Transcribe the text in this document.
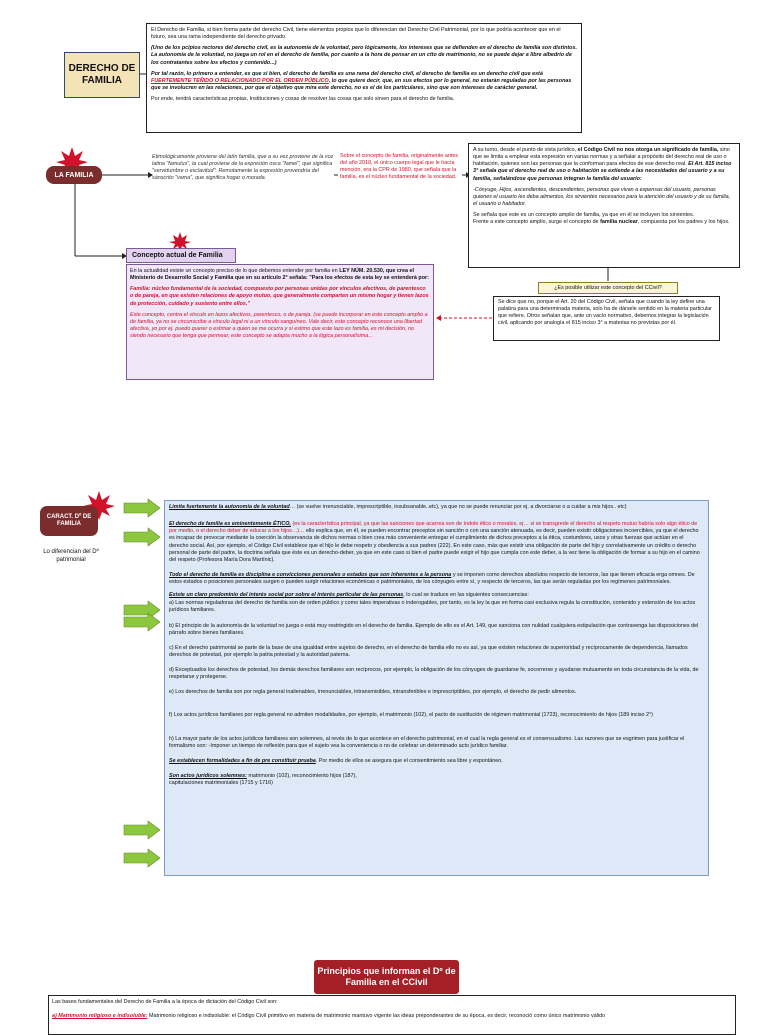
DERECHO DE FAMILIA

El Derecho de Familia, si bien forma parte del derecho Civil, tiene elementos propios que lo diferencian del Derecho Civil Patrimonial, por lo que podría acontecer que en el futuro, sea una rama independiente del derecho privado.

(Uno de los pcipios rectores del derecho civil, es la autonomía de la voluntad, pero lógicamente, los intereses que se defienden en el derecho de familia son distintos. La autonomía de la voluntad, no juega un rol en el derecho de familia, por cuanto a la hora de pensar en un ctto de matrimonio, no se puede dejar a libre albedrío de los contratantes sobre los efectos y contenido...)

Por tal razón, lo primero a entender, es que si bien, el derecho de familia es una rama del derecho civil, el derecho de familia es un derecho civil que está FUERTEMENTE TEÑIDO O RELACIONADO POR EL ORDEN PÚBLICO, lo que quiere decir, que, en sus efectos por lo general, no estarán reguladas por las personas que se involucren en las relaciones, por que el objetivo que mira este derecho, no es el de los particulares, sino que son intereses de carácter general.

Por ende, tendrá características propias, Instituciones y cosas de resolver las cosas que solo sirven para el derecho de familia.

LA FAMILIA
Etimológicamente proviene del latín familia, que a su vez proviene de la voz latina "famulus", la cual proviene de la expresión osca "famel", que significa "servidumbre o esclavitud". Remotamente la expresión provendría del sánscrito "vama", que significa hogar o morada.
Sobre el concepto de familia, originalmente antes del año 2018, el único cuerpo legal que le hacía mención, era la CPR de 1980, que señala que la familia, es el núcleo fundamental de la sociedad.

A su turno, desde el punto de vista jurídico, el Código Civil no nos otorga un significado de familia, sino que se limita a emplear esta expresión en varias normas y a señalar a propósito del derecho real de uso o habitación, quienes son las personas que la conforman para efectos de ese derecho real. El Art. 815 inciso 3° señala que el derecho real de uso o habitación se extiende a las necesidades del usuario y a su familia, señalándose que personas integran la familia del usuario:

-Cónyuge, Hijos, ascendientes, descendientes, personas que vivan a expensas del usuario, personas quienes el usuario les deba alimentos, los sirvientes necesarios para la atención del usuario y de su familia, el usuario o habitador.

Se señala que este es un concepto amplio de familia, ya que en él se incluyen los sirvientes.
Frente a este concepto amplio, surge el concepto de familia nuclear, compuesta por los padres y los hijos.

¿Es posible utilizar este concepto del CCivil?
Se dice que no, porque el Art. 20 del Código Civil, señala que cuando la ley define una palabra para una determinada materia, solo ha de dársele sentido en la materia particular que refiere. Otros señalan que, ante un vacío normativo, debemos integrar la legislación civil, aplicando por analogía el 815 inciso 3° a materias no previstas por él.
Concepto actual de Familia

En la actualidad existe un concepto preciso de lo que debemos entender por familia en LEY NÚM. 20.530, que crea el Ministerio de Desarrollo Social y Familia que en su artículo 2° señala: "Para los efectos de esta ley se entenderá por:

Familia: núcleo fundamental de la sociedad, compuesto por personas unidas por vínculos afectivos, de parentesco o de pareja, en que existen relaciones de apoyo mutuo, que generalmente comparten un mismo hogar y tienen lazos de protección, cuidado y sustento entre ellos."

Este concepto, centra el vínculo en lazos afectivos, parentesco, o de pareja. (se puede incorporar en este concepto amplio a de familia, ya no se circunscribe a vínculo legal ni a un vínculo sanguíneo. Vale decir, este concepto reconoce una libertad afectiva, yo por ej. puedo querer o estimar a quien se me ocurra y si estimo que este lazo es familia, es mi decisión, no siendo necesario que tenga que permear, este concepto se adapta mucho a la lógica personalísima...

CARACT. Dº DE FAMILIA
Lo diferencian del Dº patrimonial

Limita fuertemente la autonomía de la voluntad… (se vuelve irrenunciable, imprescriptible, insubsanable..etc), ya que no se puede renunciar por ej. a divorciarse o a cuidar a mis hijos.. etc)

El derecho de familia es eminentemente ÉTICO, (es la característica principal, ya que las sanciones que acarrea son de índole ético o morales, ej… si se transgrede el derecho al respeto mutuo habría solo algo ético de por medio, o el derecho deber de educar a los hijos…)… ello explica que, en él, se pueden encontrar preceptos sin sanción o con una sanción atenuada, es decir, pueden existir obligaciones incoercibles, ya que el derecho es incapaz de provocar mediante la coerción la observancia de dichos normas o bien crea más conveniente entregar el cumplimiento de dichos preceptos a la ética, costumbres, usos y otras fuerzas que actúan en el derecho social. Así, por ejemplo, el Código Civil establece que el hijo le debe respeto y obediencia a sus padres (222). En este caso, más que existir una obligación de parte del hijo y correlativamente un crédito o derecho personal de parte del padre, la doctrina señala que éste es un derecho-deber, ya que en este caso si bien el padre puede exigir el hijo que cumpla con este deber, a la vez tiene la obligación de formar a su hijo en el camino del respeto (Profesora María Dora Martínic).

Todo el derecho de familia es disciplina e convicciones personales o estados que son inherentes a la persona y se imponen como derechos absolutos respecto de terceros, las que tienen eficacia erga omnes. De estos estados o posiciones personales surgen o pueden surgir relaciones económicas o patrimoniales, de los cónyuges entre sí, y respecto de terceros, las que serán reguladas por los regímenes patrimoniales.

Existe un claro predominio del interés social por sobre el interés particular de las personas, lo cual se traduce en las siguientes consecuencias:

a) Las normas reguladoras del derecho de familia son de orden público y como tales imperativas o inderogables, por tanto, es la ley la que en forma casi exclusiva regula la constitución, contenido y extensión de los actos jurídicos familiares.

b) El principio de la autonomía de la voluntad no juega o está muy restringido en el derecho de familia. Ejemplo de ello es el Art. 149, que sanciona con nulidad cualquiera estipulación que contravenga las disposiciones del párrafo sobre bienes familiares.

c) En el derecho patrimonial se parte de la base de una igualdad entre sujetos de derecho, en el derecho de familia ello no es así, ya que existen relaciones de superioridad y recíprocamente de dependencia, llamados derechos de potestad, por ejemplo la patria potestad y la autoridad paterna.

d) Exceptuados los derechos de potestad, los demás derechos familiares son recíprocos, por ejemplo, la obligación de los cónyuges de guardarse fe, socorrerse y ayudarse mutuamente en toda circunstancia de la vida, de respetarse y protegerse.

e) Los derechos de familia son por regla general inalienables, irrenunciables, intransmisibles, intransferibles e imprescriptibles, por ejemplo, el derecho de pedir alimentos.

f) Los actos jurídicos familiares por regla general no admiten modalidades, por ejemplo, el matrimonio (102), el pacto de sustitución de régimen matrimonial (1723), reconocimiento de hijos (189 inciso 2°)

h) La mayor parte de los actos jurídicos familiares son solemnes, al revés de lo que acontece en el derecho patrimonial, en el cual la regla general es el consensualismo. Las razones que se esgrimen para justificar el formalismo son: -Imponer un tiempo de reflexión para que el sujeto vea la conveniencia o no de celebrar un determinado acto jurídico familiar.

Se establecen formalidades a fin de pre constituir prueba. Por medio de ellos se asegura que el consentimiento sea libre y espontáneo.

Son actos jurídicos solemnes: matrimonio (102), reconocimiento hijos (187), capitulaciones matrimoniales (1715 y 1716)

Principios que informan el Dº de Familia en el CCivil

Las bases fundamentales del Derecho de Familia a la época de dictación del Código Civil son:

a) Matrimonio religioso e indisoluble: Matrimonio religioso e indisoluble: el Código Civil primitivo en materia de matrimonio mantuvo vigente las ideas preponderantes de su época, es decir, reconoció como único matrimonio válido
